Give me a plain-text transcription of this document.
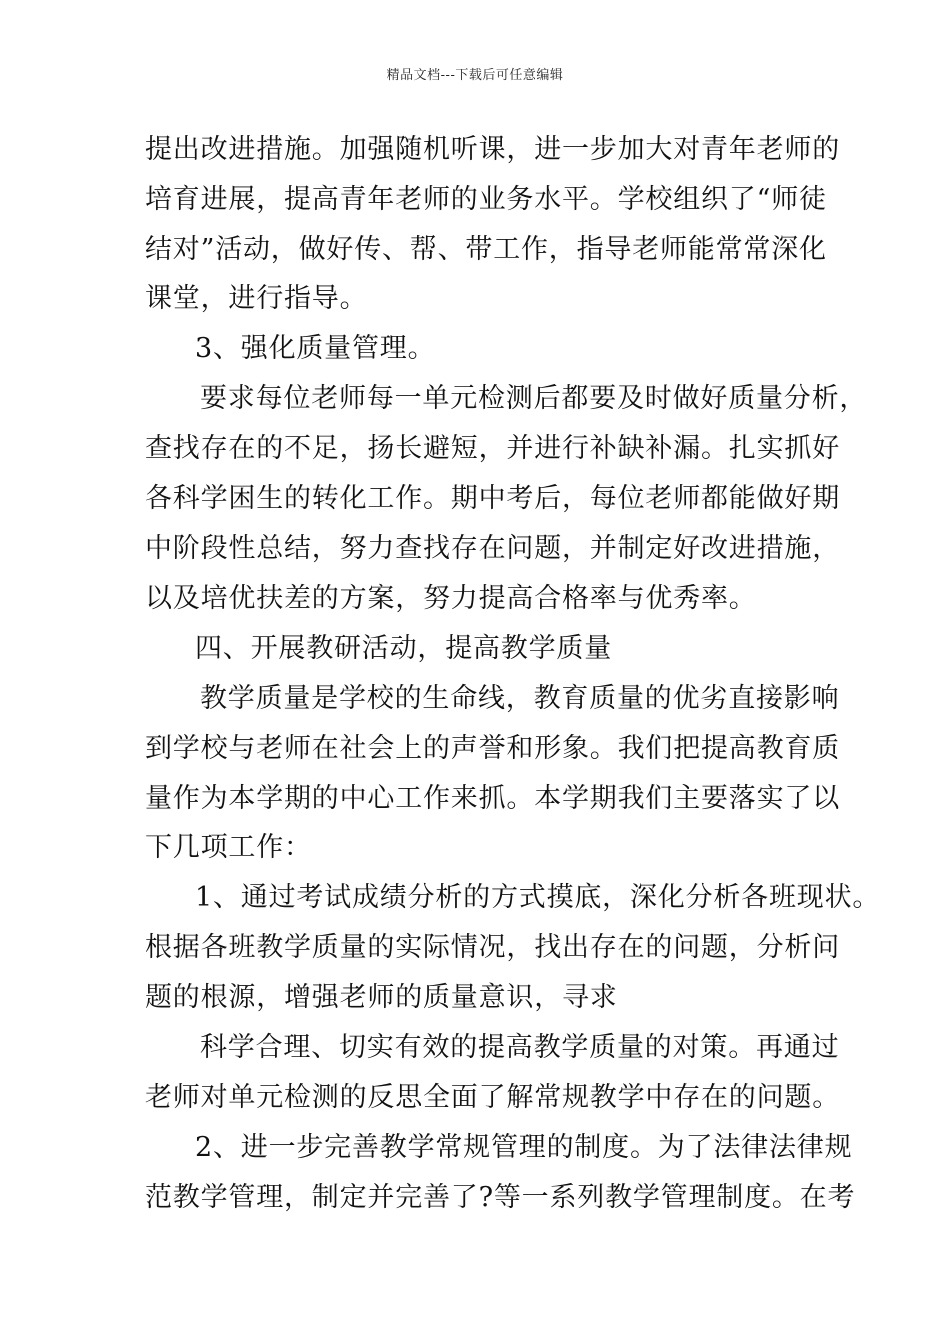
精品文档---下载后可任意编辑
提出改进措施。加强随机听课，进一步加大对青年老师的
培育进展，提高青年老师的业务水平。学校组织了“师徒
结对”活动，做好传、帮、带工作，指导老师能常常深化
课堂，进行指导。
3、强化质量管理。
要求每位老师每一单元检测后都要及时做好质量分析，
查找存在的不足，扬长避短，并进行补缺补漏。扎实抓好
各科学困生的转化工作。期中考后，每位老师都能做好期
中阶段性总结，努力查找存在问题，并制定好改进措施，
以及培优扶差的方案，努力提高合格率与优秀率。
四、开展教研活动，提高教学质量
教学质量是学校的生命线，教育质量的优劣直接影响
到学校与老师在社会上的声誉和形象。我们把提高教育质
量作为本学期的中心工作来抓。本学期我们主要落实了以
下几项工作：
1、通过考试成绩分析的方式摸底，深化分析各班现状。
根据各班教学质量的实际情况，找出存在的问题，分析问
题的根源，增强老师的质量意识，寻求
科学合理、切实有效的提高教学质量的对策。再通过
老师对单元检测的反思全面了解常规教学中存在的问题。
2、进一步完善教学常规管理的制度。为了法律法律规
范教学管理，制定并完善了?等一系列教学管理制度。在考
